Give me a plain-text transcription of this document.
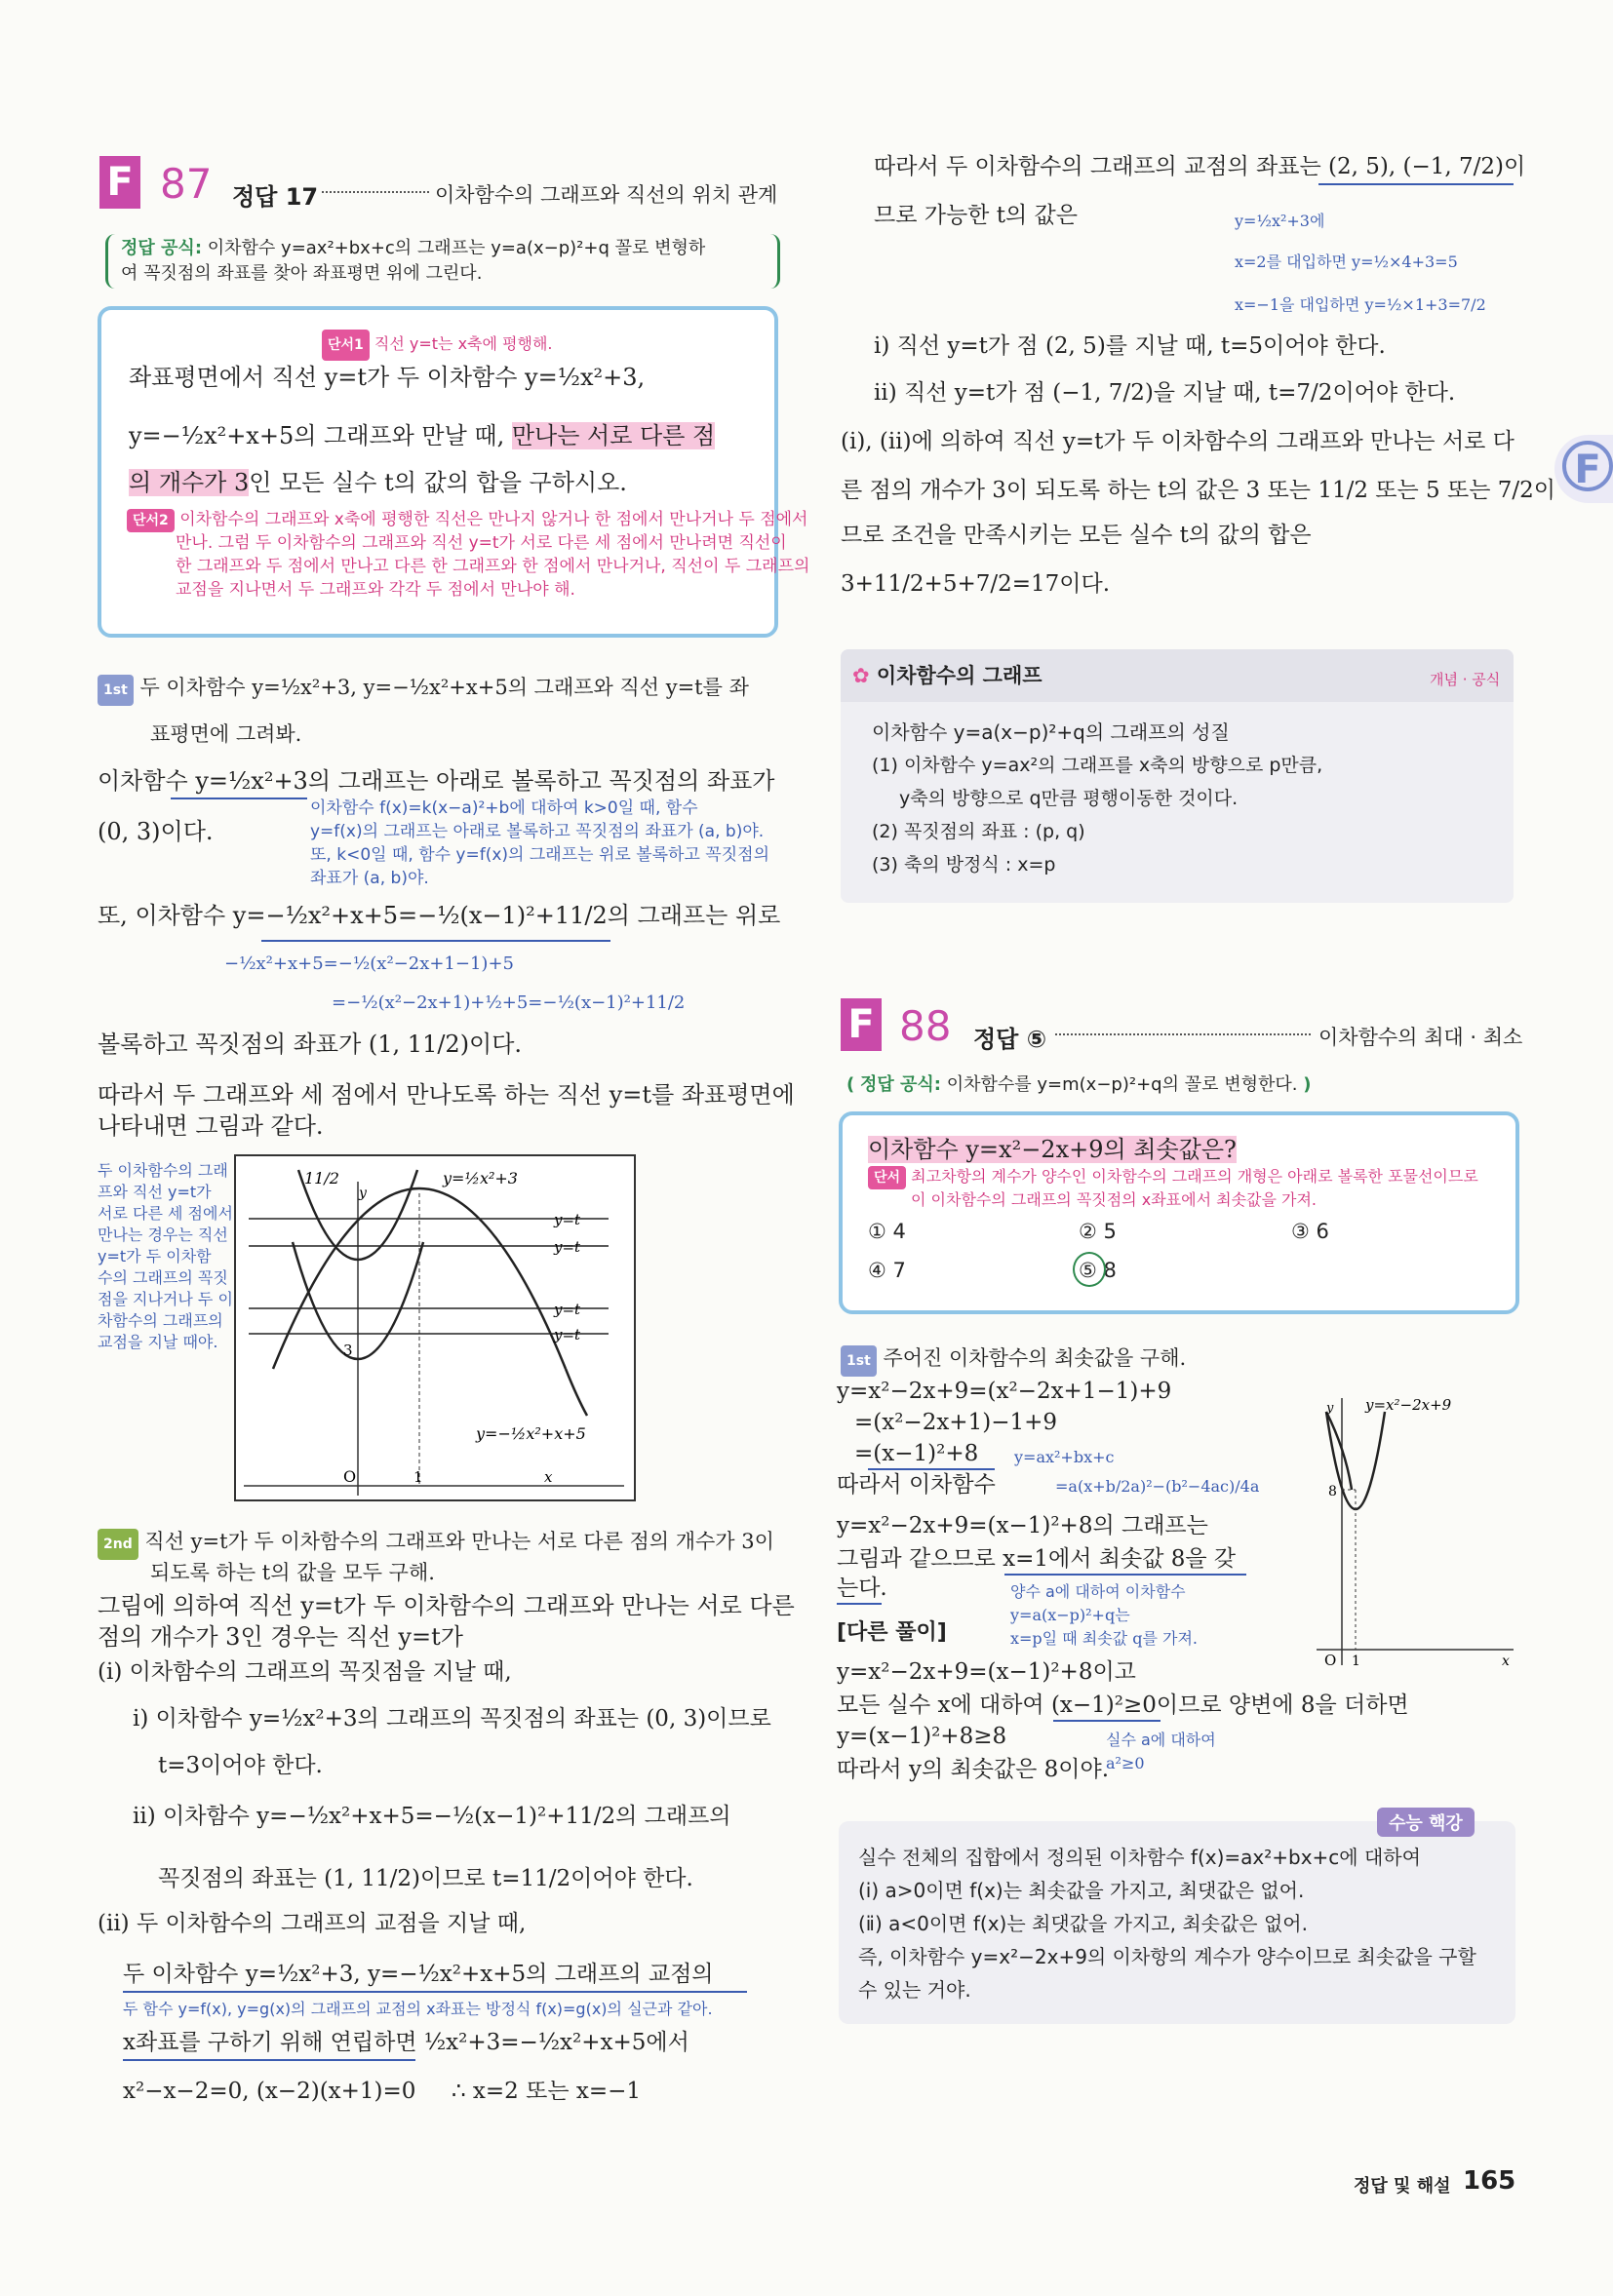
F 87 정답 17	이차함수의 그래프와 직선의 위치 관계
정답 공식: 이차함수 y=ax²+bx+c의 그래프는 y=a(x−p)²+q 꼴로 변형하
여 꼭짓점의 좌표를 찾아 좌표평면 위에 그린다.
단서1 직선 y=t는 x축에 평행해.
좌표평면에서 직선 y=t가 두 이차함수 y=½x²+3,
y=−½x²+x+5의 그래프와 만날 때, 만나는 서로 다른 점
의 개수가 3인 모든 실수 t의 값의 합을 구하시오.
단서2 이차함수의 그래프와 x축에 평행한 직선은 만나지 않거나 한 점에서 만나거나 두 점에서
만나. 그럼 두 이차함수의 그래프와 직선 y=t가 서로 다른 세 점에서 만나려면 직선이
한 그래프와 두 점에서 만나고 다른 한 그래프와 한 점에서 만나거나, 직선이 두 그래프의
교점을 지나면서 두 그래프와 각각 두 점에서 만나야 해.
1st 두 이차함수 y=½x²+3, y=−½x²+x+5의 그래프와 직선 y=t를 좌
표평면에 그려봐.
이차함수 y=½x²+3의 그래프는 아래로 볼록하고 꼭짓점의 좌표가
이차함수 f(x)=k(x−a)²+b에 대하여 k>0일 때, 함수
(0, 3)이다.	y=f(x)의 그래프는 아래로 볼록하고 꼭짓점의 좌표가 (a, b)야.
또, k<0일 때, 함수 y=f(x)의 그래프는 위로 볼록하고 꼭짓점의
좌표가 (a, b)야.
또, 이차함수 y=−½x²+x+5=−½(x−1)²+11/2의 그래프는 위로
−½x²+x+5=−½(x²−2x+1−1)+5
=−½(x²−2x+1)+½+5=−½(x−1)²+11/2
볼록하고 꼭짓점의 좌표가 (1, 11/2)이다.
따라서 두 그래프와 세 점에서 만나도록 하는 직선 y=t를 좌표평면에
나타내면 그림과 같다.
두 이차함수의 그래
프와 직선 y=t가
서로 다른 세 점에서
만나는 경우는 직선
y=t가 두 이차함
수의 그래프의 꼭짓
점을 지나거나 두 이
차함수의 그래프의
교점을 지날 때야.
11/2
y
y=½x²+3
y=t
y=t
y=t
y=t
3
y=−½x²+x+5
O	1	x
2nd 직선 y=t가 두 이차함수의 그래프와 만나는 서로 다른 점의 개수가 3이
되도록 하는 t의 값을 모두 구해.
그림에 의하여 직선 y=t가 두 이차함수의 그래프와 만나는 서로 다른
점의 개수가 3인 경우는 직선 y=t가
(ⅰ) 이차함수의 그래프의 꼭짓점을 지날 때,
ⅰ) 이차함수 y=½x²+3의 그래프의 꼭짓점의 좌표는 (0, 3)이므로
t=3이어야 한다.
ⅱ) 이차함수 y=−½x²+x+5=−½(x−1)²+11/2의 그래프의
꼭짓점의 좌표는 (1, 11/2)이므로 t=11/2이어야 한다.
(ⅱ) 두 이차함수의 그래프의 교점을 지날 때,
두 이차함수 y=½x²+3, y=−½x²+x+5의 그래프의 교점의
두 함수 y=f(x), y=g(x)의 그래프의 교점의 x좌표는 방정식 f(x)=g(x)의 실근과 같아.
x좌표를 구하기 위해 연립하면 ½x²+3=−½x²+x+5에서
x²−x−2=0, (x−2)(x+1)=0     ∴ x=2 또는 x=−1
따라서 두 이차함수의 그래프의 교점의 좌표는 (2, 5), (−1, 7/2)이
므로 가능한 t의 값은	y=½x²+3에
x=2를 대입하면 y=½×4+3=5
x=−1을 대입하면 y=½×1+3=7/2
ⅰ) 직선 y=t가 점 (2, 5)를 지날 때, t=5이어야 한다.
ⅱ) 직선 y=t가 점 (−1, 7/2)을 지날 때, t=7/2이어야 한다.
(ⅰ), (ⅱ)에 의하여 직선 y=t가 두 이차함수의 그래프와 만나는 서로 다
른 점의 개수가 3이 되도록 하는 t의 값은 3 또는 11/2 또는 5 또는 7/2이
므로 조건을 만족시키는 모든 실수 t의 값의 합은
3+11/2+5+7/2=17이다.
F
✿ 이차함수의 그래프	개념 · 공식
이차함수 y=a(x−p)²+q의 그래프의 성질
(1) 이차함수 y=ax²의 그래프를 x축의 방향으로 p만큼,
y축의 방향으로 q만큼 평행이동한 것이다.
(2) 꼭짓점의 좌표 : (p, q)
(3) 축의 방정식 : x=p
F 88 정답 ⑤	이차함수의 최대 · 최소
( 정답 공식: 이차함수를 y=m(x−p)²+q의 꼴로 변형한다. )
이차함수 y=x²−2x+9의 최솟값은?
단서 최고차항의 계수가 양수인 이차함수의 그래프의 개형은 아래로 볼록한 포물선이므로
이 이차함수의 그래프의 꼭짓점의 x좌표에서 최솟값을 가져.
① 4	② 5	③ 6
④ 7	⑤ 8
1st 주어진 이차함수의 최솟값을 구해.
y=x²−2x+9=(x²−2x+1−1)+9
=(x²−2x+1)−1+9
=(x−1)²+8 y=ax²+bx+c
따라서 이차함수	=a(x+b/2a)²−(b²−4ac)/4a
y=x²−2x+9=(x−1)²+8의 그래프는
그림과 같으므로 x=1에서 최솟값 8을 갖
는다.	양수 a에 대하여 이차함수
y=a(x−p)²+q는
[다른 풀이]	x=p일 때 최솟값 q를 가져.
y=x²−2x+9=(x−1)²+8이고
모든 실수 x에 대하여 (x−1)²≥0이므로 양변에 8을 더하면
실수 a에 대하여
y=(x−1)²+8≥8
a²≥0
따라서 y의 최솟값은 8이야.
y=x²−2x+9
y
8
O 1	x
수능 핵강
실수 전체의 집합에서 정의된 이차함수 f(x)=ax²+bx+c에 대하여
(ⅰ) a>0이면 f(x)는 최솟값을 가지고, 최댓값은 없어.
(ⅱ) a<0이면 f(x)는 최댓값을 가지고, 최솟값은 없어.
즉, 이차함수 y=x²−2x+9의 이차항의 계수가 양수이므로 최솟값을 구할
수 있는 거야.
정답 및 해설 165
